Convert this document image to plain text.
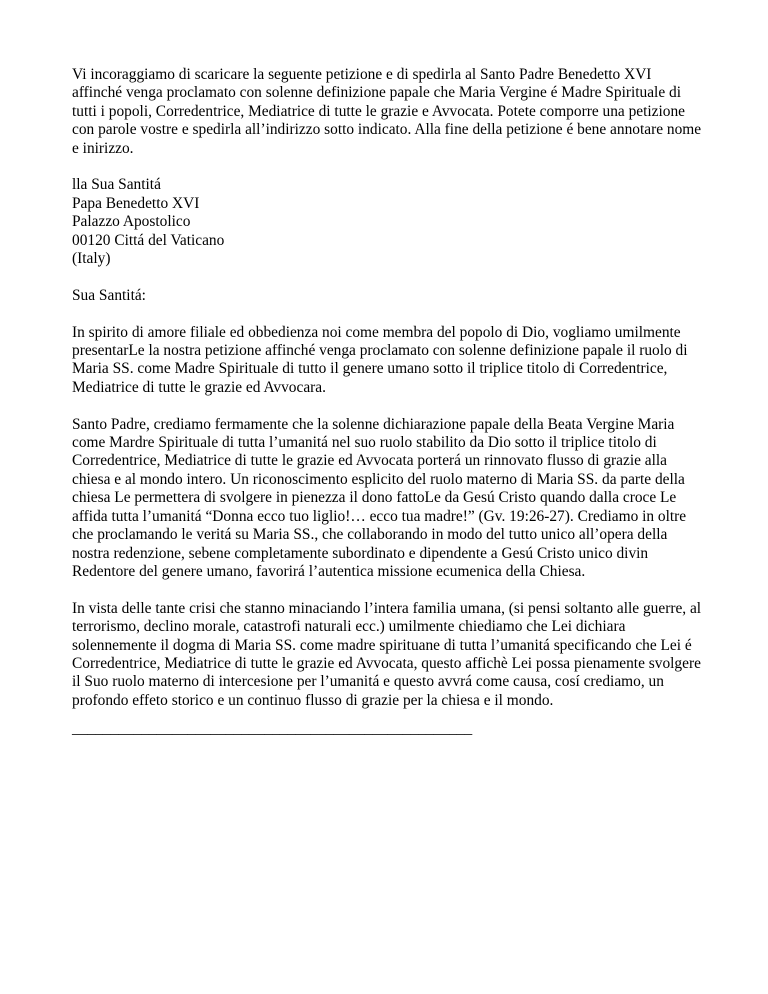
Vi incoraggiamo di scaricare la seguente petizione e di spedirla al Santo Padre Benedetto XVI affinché venga proclamato con solenne definizione papale che Maria Vergine é Madre Spirituale di tutti i popoli, Corredentrice, Mediatrice di tutte le grazie e Avvocata. Potete comporre una petizione con parole vostre e spedirla all’indirizzo sotto indicato. Alla fine della petizione é bene annotare nome e inirizzo.

lla Sua Santitá
Papa Benedetto XVI
Palazzo Apostolico
00120 Cittá del Vaticano
(Italy)

Sua Santitá:

In spirito di amore filiale ed obbedienza noi come membra del popolo di Dio, vogliamo umilmente presentarLe la nostra petizione affinché venga proclamato con solenne definizione papale il ruolo di Maria SS. come Madre Spirituale di tutto il genere umano sotto il triplice titolo di Corredentrice, Mediatrice di tutte le grazie ed Avvocara.

Santo Padre, crediamo fermamente che la solenne dichiarazione papale della Beata Vergine Maria come Mardre Spirituale di tutta l’umanitá nel suo ruolo stabilito da Dio sotto il triplice titolo di Corredentrice, Mediatrice di tutte le grazie ed Avvocata porterá un rinnovato flusso di grazie alla chiesa e al mondo intero. Un riconoscimento esplicito del ruolo materno di Maria SS. da parte della chiesa Le permettera di svolgere in pienezza il dono fattoLe da Gesú Cristo quando dalla croce Le affida tutta l’umanitá “Donna ecco tuo liglio!… ecco tua madre!” (Gv. 19:26-27). Crediamo in oltre che proclamando le veritá su Maria SS., che collaborando in modo del tutto unico all’opera della nostra redenzione, sebene completamente subordinato e dipendente a Gesú Cristo unico divin Redentore del genere umano, favorirá l’autentica missione ecumenica della Chiesa.

In vista delle tante crisi che stanno minaciando l’intera familia umana, (si pensi soltanto alle guerre, al terrorismo, declino morale, catastrofi naturali ecc.) umilmente chiediamo che Lei dichiara solennemente il dogma di Maria SS. come madre spirituane di tutta l’umanitá specificando che Lei é Corredentrice, Mediatrice di tutte le grazie ed Avvocata, questo affichè Lei possa pienamente svolgere il Suo ruolo materno di intercesione per l’umanitá e questo avvrá come causa, cosí crediamo, un profondo effeto storico e un continuo flusso di grazie per la chiesa e il mondo.

____________________________________________________
